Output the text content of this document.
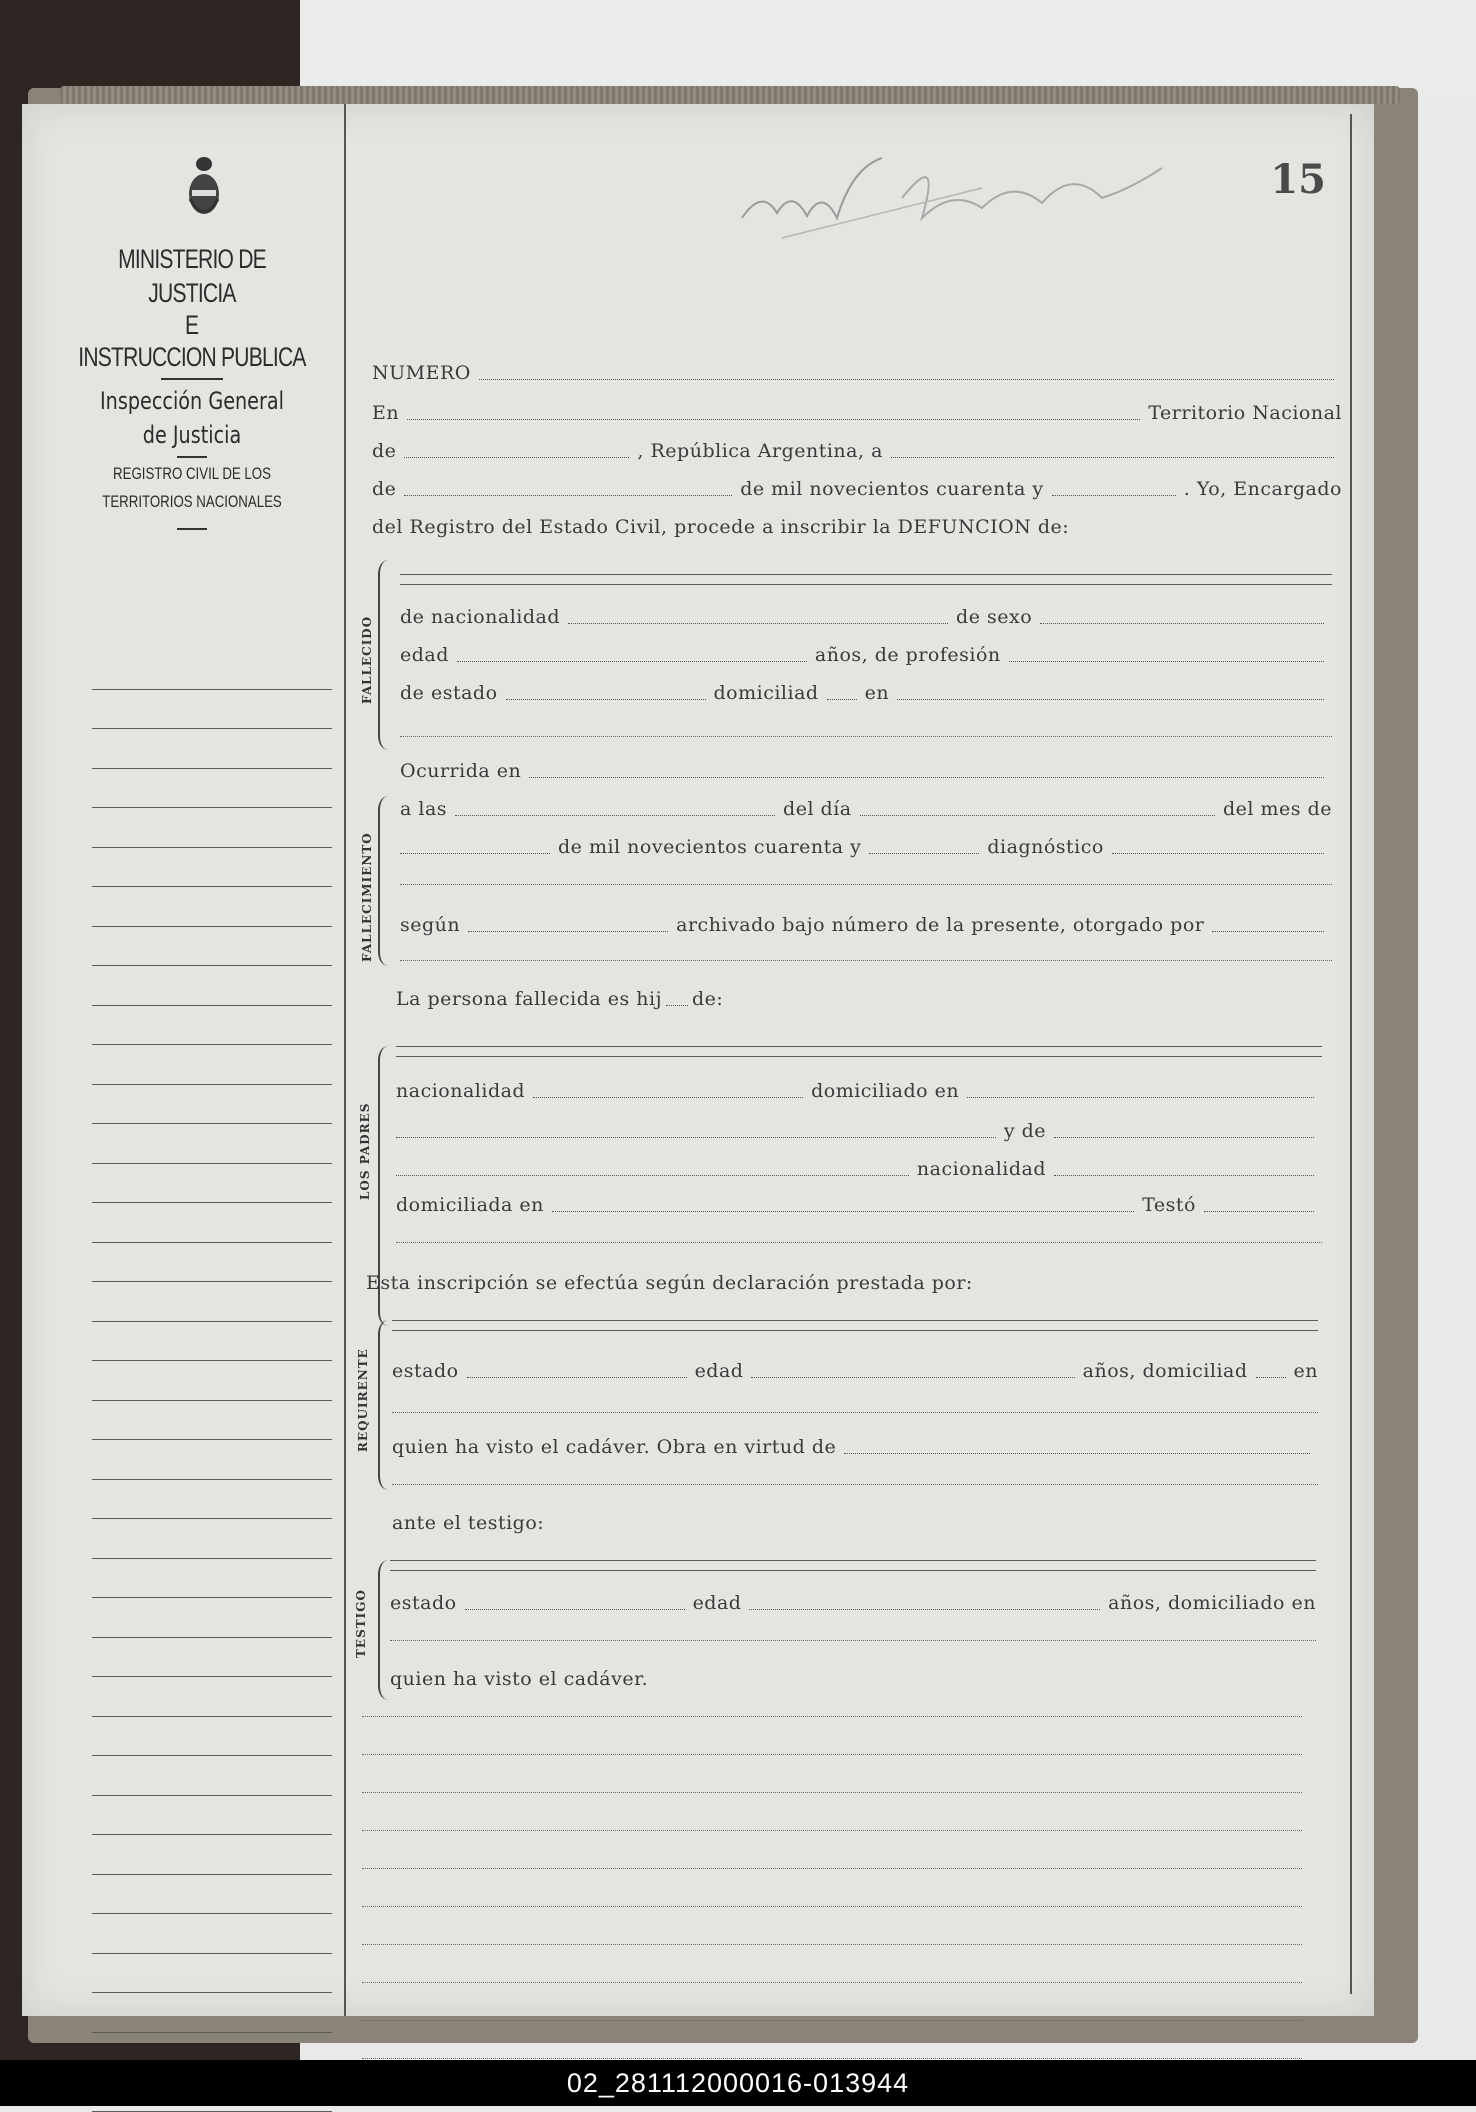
MINISTERIO DE JUSTICIA
E
INSTRUCCION PUBLICA
Inspección General
de Justicia
REGISTRO CIVIL DE LOS
TERRITORIOS NACIONALES
15
NUMERO
En	Territorio Nacional
de	, República Argentina, a
de	de mil novecientos cuarenta y	. Yo, Encargado
del Registro del Estado Civil, procede a inscribir la DEFUNCION de:
FALLECIDO de nacionalidad	de sexo
edad	años, de profesión
de estado	domiciliad en
Ocurrida en
FALLECIMIENTO
a las	del día	del mes de
de mil novecientos cuarenta y	diagnóstico
según	archivado bajo número de la presente, otorgado por
La persona fallecida es hij de:
LOS PADRES
nacionalidad	domiciliado en
y de
nacionalidad
domiciliada en	Testó
Esta inscripción se efectúa según declaración prestada por:
REQUIRENTE estado	edad	años, domiciliad en
quien ha visto el cadáver. Obra en virtud de
ante el testigo:
TESTIGO estado	edad	años, domiciliado en
quien ha visto el cadáver.
02_281112000016-013944
